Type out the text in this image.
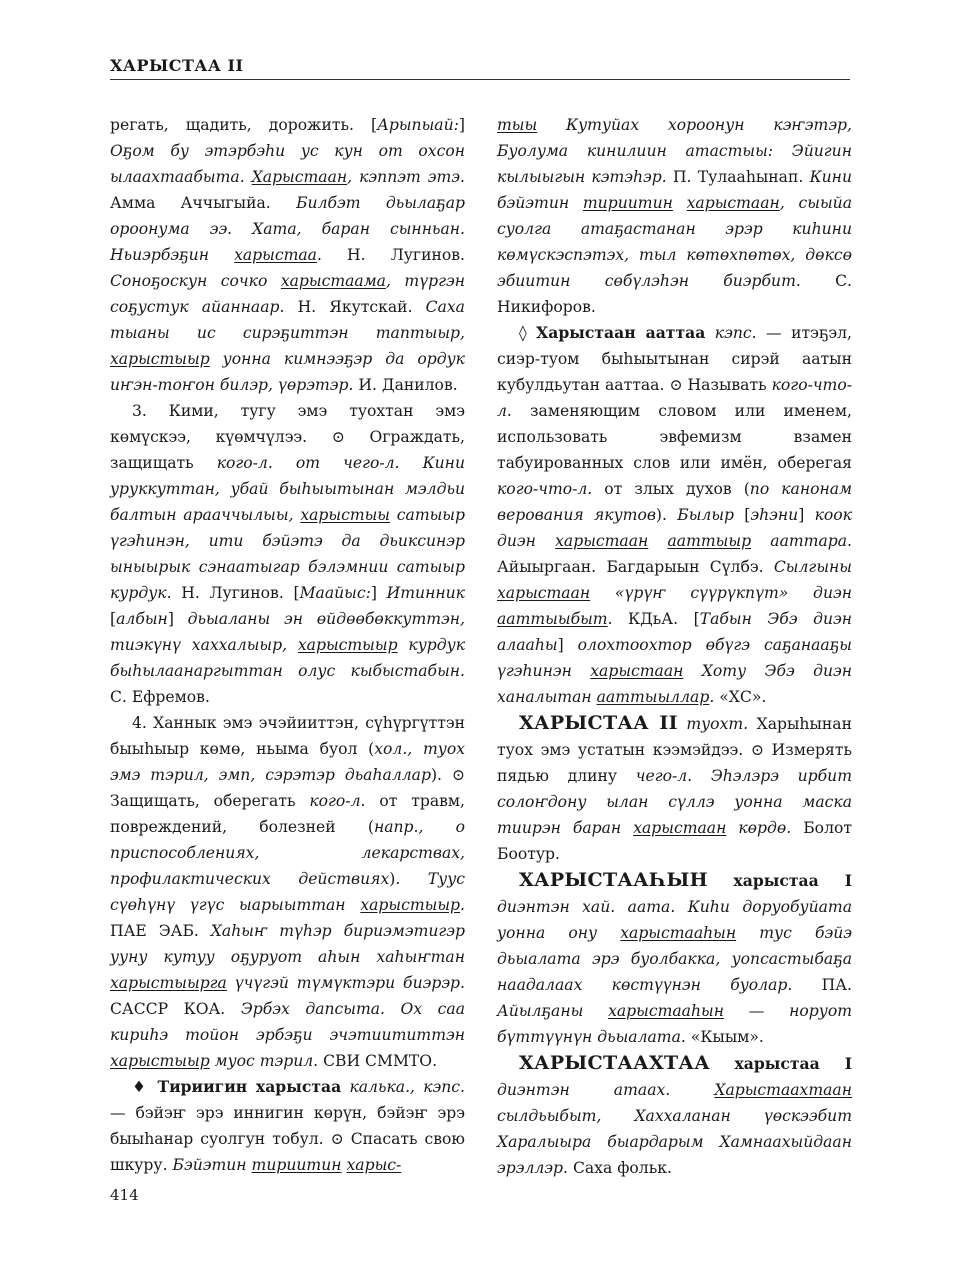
ХАРЫСТАА II

регать, щадить, дорожить. [Арыпыай:] Оҕом бу этэрбэһи ус кун от охсон ылаахтаабыта. Харыстаан, кэппэт этэ. Амма Аччыгыйа. Билбэт дьылаҕар ороонума ээ. Хата, баран сынньан. Ньиэрбэҕин харыстаа. Н. Лугинов. Соноҕоскун сочко харыстаама, түргэн соҕустук айаннаар. Н. Якутскай. Саха тыаны ис сирэҕиттэн таптыыр, харыстыыр уонна кимнээҕэр да ордук иҥэн-тоҥон билэр, үөрэтэр. И. Данилов.

3. Кими, тугу эмэ туохтан эмэ көмүскээ, күөмчүлээ. ⊙ Ограждать, защищать кого-л. от чего-л. Кини уруккуттан, убай быһыытынан мэлдьи балтын арааччылыы, харыстыы сатыыр үгэһинэн, ити бэйэтэ да дьиксинэр ыныырык сэнаатыгар бэлэмнии сатыыр курдук. Н. Лугинов. [Маайыс:] Итинник [албын] дьыаланы эн өйдөөбөккуттэн, тиэкүнү хаххалыыр, харыстыыр курдук быһылаанаргыттан олус кыбыстабын. С. Ефремов.

4. Ханнык эмэ эчэйииттэн, сүһүргүттэн быыһыыр көмө, ньыма буол (хол., туох эмэ тэрил, эмп, сэрэтэр дьаһаллар). ⊙ Защищать, оберегать кого-л. от травм, повреждений, болезней (напр., о приспособлениях, лекарствах, профилактических действиях). Туус сүөһүнү үгүс ыарыыттан харыстыыр. ПАЕ ЭАБ. Хаһыҥ түһэр бириэмэтигэр ууну кутуу оҕуруот аһын хаһыҥтан харыстыырга үчүгэй түмүктэри биэрэр. САССР КОА. Эрбэх дапсыта. Ох саа кириһэ тойон эрбэҕи эчэтиититтэн харыстыыр муос тэрил. СВИ СММТО.

♦ Тириигин харыстаа калька., кэпс. — бэйэҥ эрэ иннигин көрүн, бэйэҥ эрэ быыһанар суолгун тобул. ⊙ Спасать свою шкуру. Бэйэтин тириитин харыс-

тыы Кутуйах хороонун кэҥэтэр, Буолума кинилиин атастыы: Эйигин кылыыгын кэтэһэр. П. Тулааһынап. Кини бэйэтин тириитин харыстаан, сыыйа суолга атаҕастанан эрэр киһини көмүскэспэтэх, тыл көтөхпөтөх, дөксө эбиитин сөбүлэһэн биэрбит. С. Никифоров.

◊ Харыстаан ааттаа кэпс. — итэҕэл, сиэр-туом быһыытынан сирэй аатын кубулдьутан ааттаа. ⊙ Называть кого-что-л. заменяющим словом или именем, использовать эвфемизм взамен табуированных слов или имён, оберегая кого-что-л. от злых духов (по канонам верования якутов). Былыр [эһэни] коок диэн харыстаан ааттыыр ааттара. Айыыргаан. Багдарыын Сүлбэ. Сылгыны харыстаан «үрүҥ сүүрүкпүт» диэн ааттыыбыт. КДьА. [Табын Эбэ диэн алааһы] олохтоохтор өбүгэ саҕанааҕы үгэһинэн харыстаан Хоту Эбэ диэн ханалытан ааттыыллар. «ХС».

ХАРЫСТАА II туохт. Харыһынан туох эмэ устатын кээмэйдээ. ⊙ Измерять пядью длину чего-л. Эһэлэрэ ирбит солоҥдону ылан сүллэ уонна маска тиирэн баран харыстаан көрдө. Болот Боотур.

ХАРЫСТААҺЫН харыстаа I диэнтэн хай. аата. Киһи доруобуйата уонна ону харыстааһын тус бэйэ дьыалата эрэ буолбакка, уопсастыбаҕа наадалаах көстүүнэн буолар. ПА. Айылҕаны харыстааһын — норуот бүттүүнүн дьыалата. «Кыым».

ХАРЫСТААХТАА харыстаа I диэнтэн атаах. Харыстаахтаан сылдьыбыт, Хаххаланан үөскээбит Харалыыра быардарым Хамнаахыйдаан эрэллэр. Саха фольк.

414
